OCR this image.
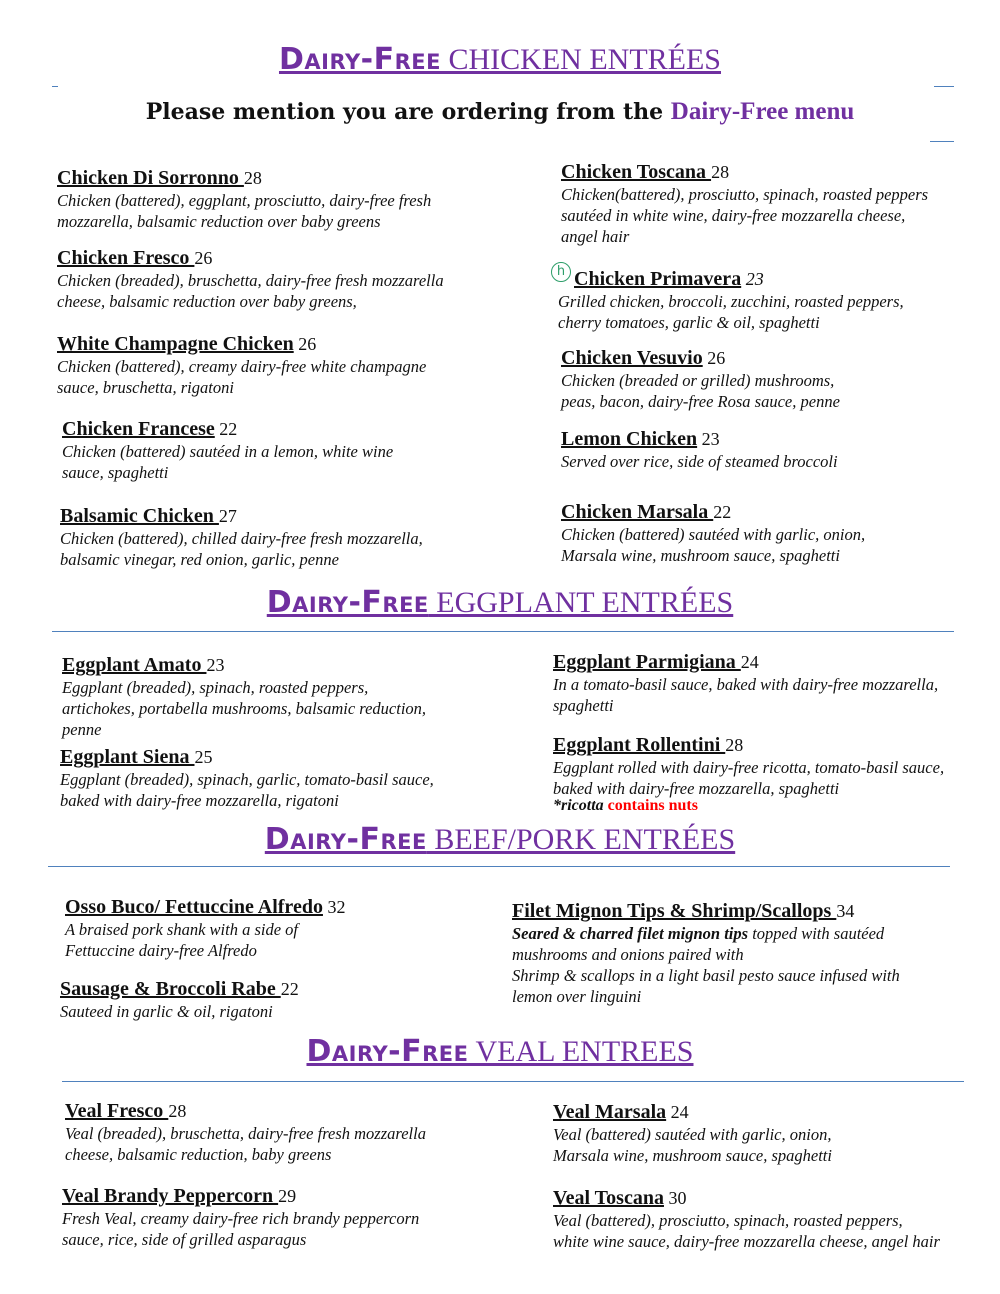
Dairy-Free CHICKEN ENTRÉES
Please mention you are ordering from the Dairy-Free menu
Chicken Di Sorronno 28
Chicken (battered), eggplant, prosciutto, dairy-free fresh
mozzarella, balsamic reduction over baby greens
Chicken Fresco 26
Chicken (breaded), bruschetta, dairy-free fresh mozzarella
cheese, balsamic reduction over baby greens,
White Champagne Chicken 26
Chicken (battered), creamy dairy-free white champagne
sauce, bruschetta, rigatoni
Chicken Francese 22
Chicken (battered) sautéed in a lemon, white wine
sauce, spaghetti
Balsamic Chicken 27
Chicken (battered), chilled dairy-free fresh mozzarella,
balsamic vinegar, red onion, garlic, penne
Chicken Toscana 28
Chicken(battered), prosciutto, spinach, roasted peppers
sautéed in white wine, dairy-free mozzarella cheese,
angel hair
h Chicken Primavera 23
Grilled chicken, broccoli, zucchini, roasted peppers,
cherry tomatoes, garlic & oil, spaghetti
Chicken Vesuvio 26
Chicken (breaded or grilled) mushrooms,
peas, bacon, dairy-free Rosa sauce, penne
Lemon Chicken 23
Served over rice, side of steamed broccoli
Chicken Marsala 22
Chicken (battered) sautéed with garlic, onion,
Marsala wine, mushroom sauce, spaghetti
Dairy-Free EGGPLANT ENTRÉES
Eggplant Amato 23
Eggplant (breaded), spinach, roasted peppers,
artichokes, portabella mushrooms, balsamic reduction,
penne
Eggplant Siena 25
Eggplant (breaded), spinach, garlic, tomato-basil sauce,
baked with dairy-free mozzarella, rigatoni
Eggplant Parmigiana 24
In a tomato-basil sauce, baked with dairy-free mozzarella,
spaghetti
Eggplant Rollentini 28
Eggplant rolled with dairy-free ricotta, tomato-basil sauce,
baked with dairy-free mozzarella, spaghetti
*ricotta contains nuts
Dairy-Free BEEF/PORK ENTRÉES
Osso Buco/ Fettuccine Alfredo 32
A braised pork shank with a side of
Fettuccine dairy-free Alfredo
Sausage & Broccoli Rabe 22
Sauteed in garlic & oil, rigatoni
Filet Mignon Tips & Shrimp/Scallops 34
Seared & charred filet mignon tips topped with sautéed
mushrooms and onions paired with
Shrimp & scallops in a light basil pesto sauce infused with
lemon over linguini
Dairy-Free VEAL ENTREES
Veal Fresco 28
Veal (breaded), bruschetta, dairy-free fresh mozzarella
cheese, balsamic reduction, baby greens
Veal Brandy Peppercorn 29
Fresh Veal, creamy dairy-free rich brandy peppercorn
sauce, rice, side of grilled asparagus
Veal Marsala 24
Veal (battered) sautéed with garlic, onion,
Marsala wine, mushroom sauce, spaghetti
Veal Toscana 30
Veal (battered), prosciutto, spinach, roasted peppers,
white wine sauce, dairy-free mozzarella cheese, angel hair
